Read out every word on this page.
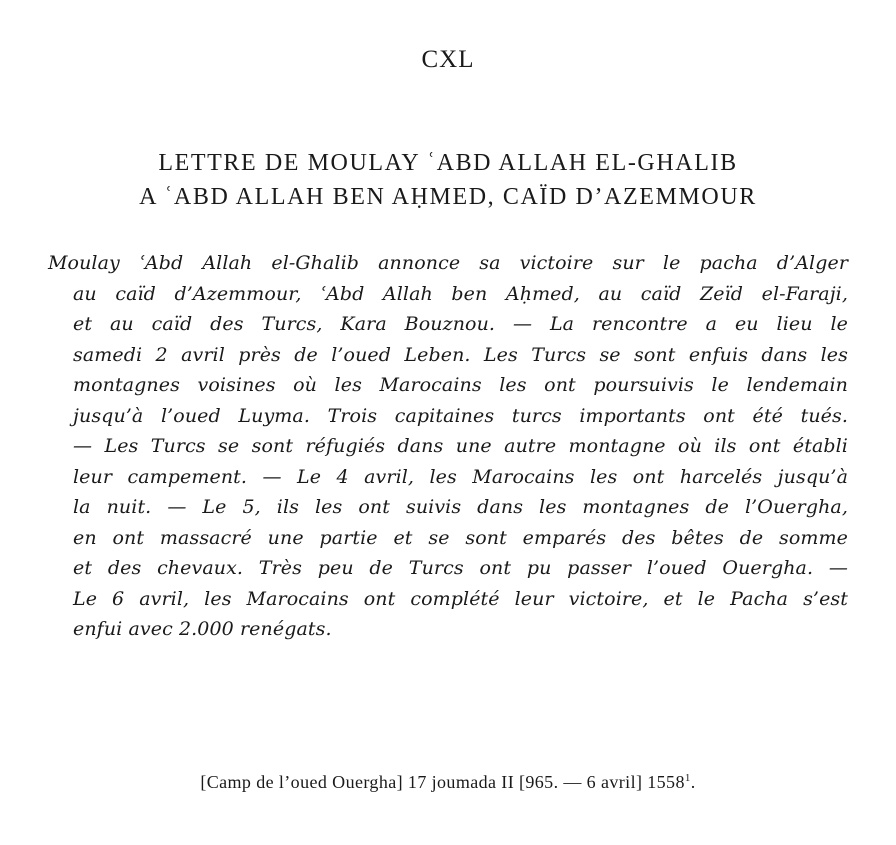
CXL
LETTRE DE MOULAY ʿABD ALLAH EL-GHALIB
A ʿABD ALLAH BEN AḤMED, CAÏD D’AZEMMOUR
Moulay ʿAbd Allah el-Ghalib annonce sa victoire sur le pacha d’Alger
au caïd d’Azemmour, ʿAbd Allah ben Aḥmed, au caïd Zeïd el-Faraji,
et au caïd des Turcs, Kara Bouznou. — La rencontre a eu lieu le
samedi 2 avril près de l’oued Leben. Les Turcs se sont enfuis dans les
montagnes voisines où les Marocains les ont poursuivis le lendemain
jusqu’à l’oued Luyma. Trois capitaines turcs importants ont été tués.
— Les Turcs se sont réfugiés dans une autre montagne où ils ont établi
leur campement. — Le 4 avril, les Marocains les ont harcelés jusqu’à
la nuit. — Le 5, ils les ont suivis dans les montagnes de l’Ouergha,
en ont massacré une partie et se sont emparés des bêtes de somme
et des chevaux. Très peu de Turcs ont pu passer l’oued Ouergha. —
Le 6 avril, les Marocains ont complété leur victoire, et le Pacha s’est
enfui avec 2.000 renégats.
[Camp de l’oued Ouergha] 17 joumada II [965. — 6 avril] 1558$^1$.
